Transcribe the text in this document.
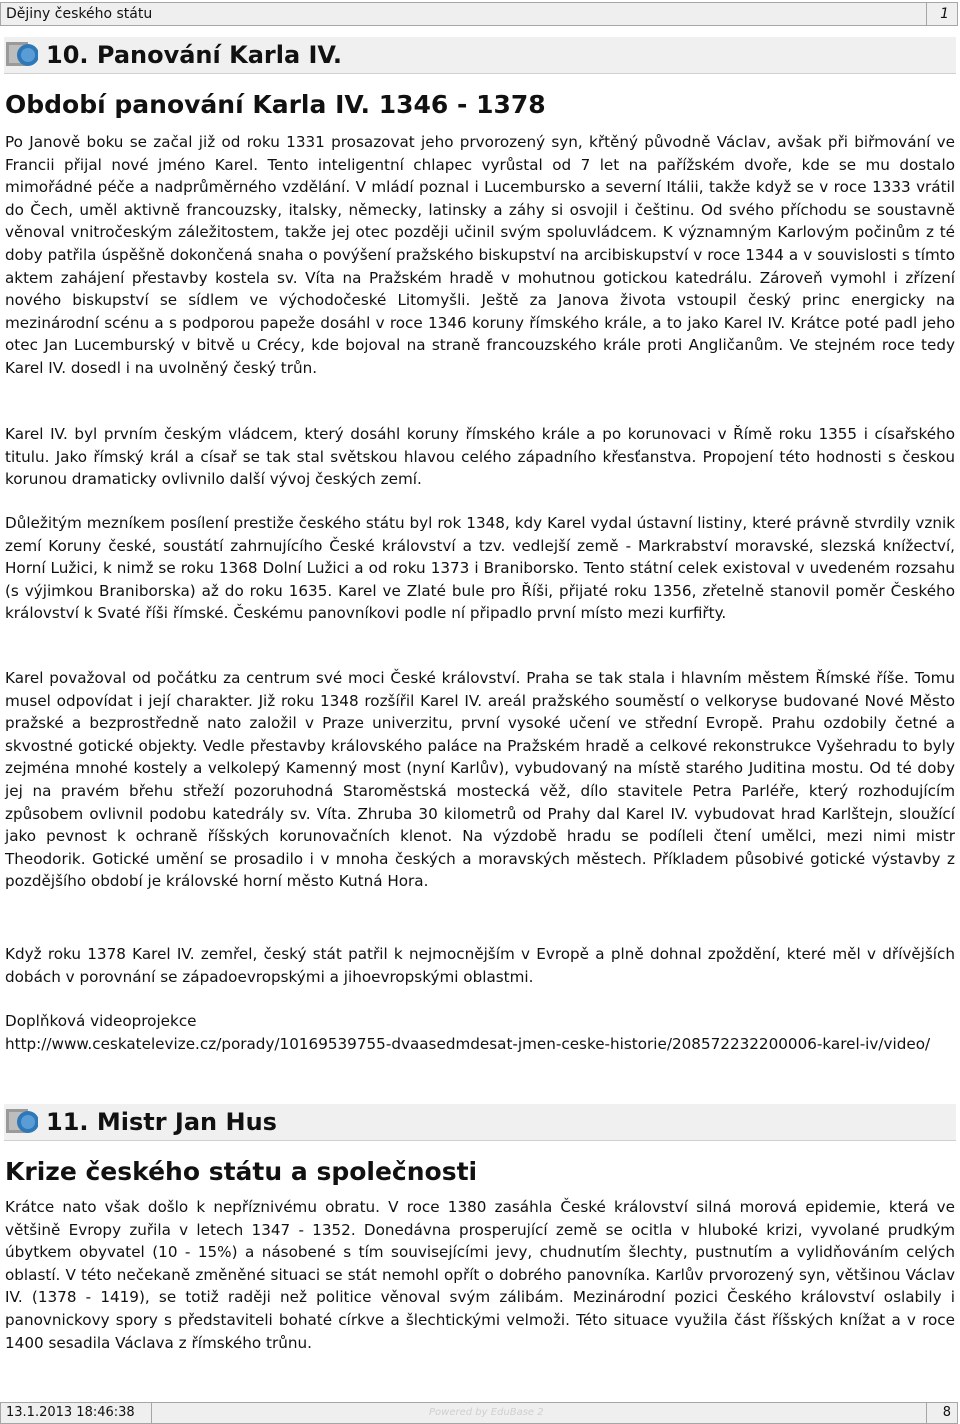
Dějiny českého státu	1
10. Panování Karla IV.
Období panování Karla IV. 1346 - 1378

Po Janově boku se začal již od roku 1331 prosazovat jeho prvorozený syn, křtěný původně Václav, avšak při biřmování ve Francii přijal nové jméno Karel. Tento inteligentní chlapec vyrůstal od 7 let na pařížském dvoře, kde se mu dostalo mimořádné péče a nadprůměrného vzdělání. V mládí poznal i Lucembursko a severní Itálii, takže když se v roce 1333 vrátil do Čech, uměl aktivně francouzsky, italsky, německy, latinsky a záhy si osvojil i češtinu. Od svého příchodu se soustavně věnoval vnitročeským záležitostem, takže jej otec později učinil svým spoluvládcem. K významným Karlovým počinům z té doby patřila úspěšně dokončená snaha o povýšení pražského biskupství na arcibiskupství v roce 1344 a v souvislosti s tímto aktem zahájení přestavby kostela sv. Víta na Pražském hradě v mohutnou gotickou katedrálu. Zároveň vymohl i zřízení nového biskupství se sídlem ve východočeské Litomyšli. Ještě za Janova života vstoupil český princ energicky na mezinárodní scénu a s podporou papeže dosáhl v roce 1346 koruny římského krále, a to jako Karel IV. Krátce poté padl jeho otec Jan Lucemburský v bitvě u Crécy, kde bojoval na straně francouzského krále proti Angličanům. Ve stejném roce tedy Karel IV. dosedl i na uvolněný český trůn.

Karel IV. byl prvním českým vládcem, který dosáhl koruny římského krále a po korunovaci v Římě roku 1355 i císařského titulu. Jako římský král a císař se tak stal světskou hlavou celého západního křesťanstva. Propojení této hodnosti s českou korunou dramaticky ovlivnilo další vývoj českých zemí.

Důležitým mezníkem posílení prestiže českého státu byl rok 1348, kdy Karel vydal ústavní listiny, které právně stvrdily vznik zemí Koruny české, soustátí zahrnujícího České království a tzv. vedlejší země - Markrabství moravské, slezská knížectví, Horní Lužici, k nimž se roku 1368 Dolní Lužici a od roku 1373 i Braniborsko. Tento státní celek existoval v uvedeném rozsahu (s výjimkou Braniborska) až do roku 1635. Karel ve Zlaté bule pro Říši, přijaté roku 1356, zřetelně stanovil poměr Českého království k Svaté říši římské. Českému panovníkovi podle ní připadlo první místo mezi kurfiřty.

Karel považoval od počátku za centrum své moci České království. Praha se tak stala i hlavním městem Římské říše. Tomu musel odpovídat i její charakter. Již roku 1348 rozšířil Karel IV. areál pražského souměstí o velkoryse budované Nové Město pražské a bezprostředně nato založil v Praze univerzitu, první vysoké učení ve střední Evropě. Prahu ozdobily četné a skvostné gotické objekty. Vedle přestavby královského paláce na Pražském hradě a celkové rekonstrukce Vyšehradu to byly zejména mnohé kostely a velkolepý Kamenný most (nyní Karlův), vybudovaný na místě starého Juditina mostu. Od té doby jej na pravém břehu střeží pozoruhodná Staroměstská mostecká věž, dílo stavitele Petra Parléře, který rozhodujícím způsobem ovlivnil podobu katedrály sv. Víta. Zhruba 30 kilometrů od Prahy dal Karel IV. vybudovat hrad Karlštejn, sloužící jako pevnost k ochraně říšských korunovačních klenot. Na výzdobě hradu se podíleli čtení umělci, mezi nimi mistr Theodorik. Gotické umění se prosadilo i v mnoha českých a moravských městech. Příkladem působivé gotické výstavby z pozdějšího období je královské horní město Kutná Hora.

Když roku 1378 Karel IV. zemřel, český stát patřil k nejmocnějším v Evropě a plně dohnal zpoždění, které měl v dřívějších dobách v porovnání se západoevropskými a jihoevropskými oblastmi.

Doplňková videoprojekce
http://www.ceskatelevize.cz/porady/10169539755-dvaasedmdesat-jmen-ceske-historie/208572232200006-karel-iv/video/

11. Mistr Jan Hus
Krize českého státu a společnosti

Krátce nato však došlo k nepříznivému obratu. V roce 1380 zasáhla České království silná morová epidemie, která ve většině Evropy zuřila v letech 1347 - 1352. Donedávna prosperující země se ocitla v hluboké krizi, vyvolané prudkým úbytkem obyvatel (10 - 15%) a násobené s tím souvisejícími jevy, chudnutím šlechty, pustnutím a vylidňováním celých oblastí. V této nečekaně změněné situaci se stát nemohl opřít o dobrého panovníka. Karlův prvorozený syn, většinou Václav IV. (1378 - 1419), se totiž raději než politice věnoval svým zálibám. Mezinárodní pozici Českého království oslabily i panovnickovy spory s představiteli bohaté církve a šlechtickými velmoži. Této situace využila část říšských knížat a v roce 1400 sesadila Václava z římského trůnu.

13.1.2013 18:46:38	Powered by EduBase 2	8
